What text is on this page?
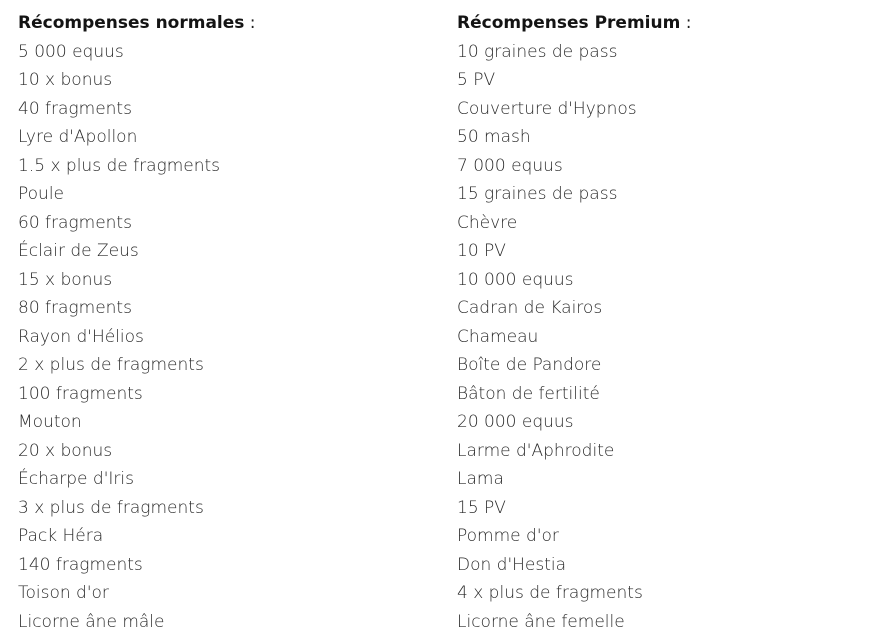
Récompenses normales :
5 000 equus
10 x bonus
40 fragments
Lyre d'Apollon
1.5 x plus de fragments
Poule
60 fragments
Éclair de Zeus
15 x bonus
80 fragments
Rayon d'Hélios
2 x plus de fragments
100 fragments
Mouton
20 x bonus
Écharpe d'Iris
3 x plus de fragments
Pack Héra
140 fragments
Toison d'or
Licorne âne mâle
Récompenses Premium :
10 graines de pass
5 PV
Couverture d'Hypnos
50 mash
7 000 equus
15 graines de pass
Chèvre
10 PV
10 000 equus
Cadran de Kairos
Chameau
Boîte de Pandore
Bâton de fertilité
20 000 equus
Larme d'Aphrodite
Lama
15 PV
Pomme d'or
Don d'Hestia
4 x plus de fragments
Licorne âne femelle
